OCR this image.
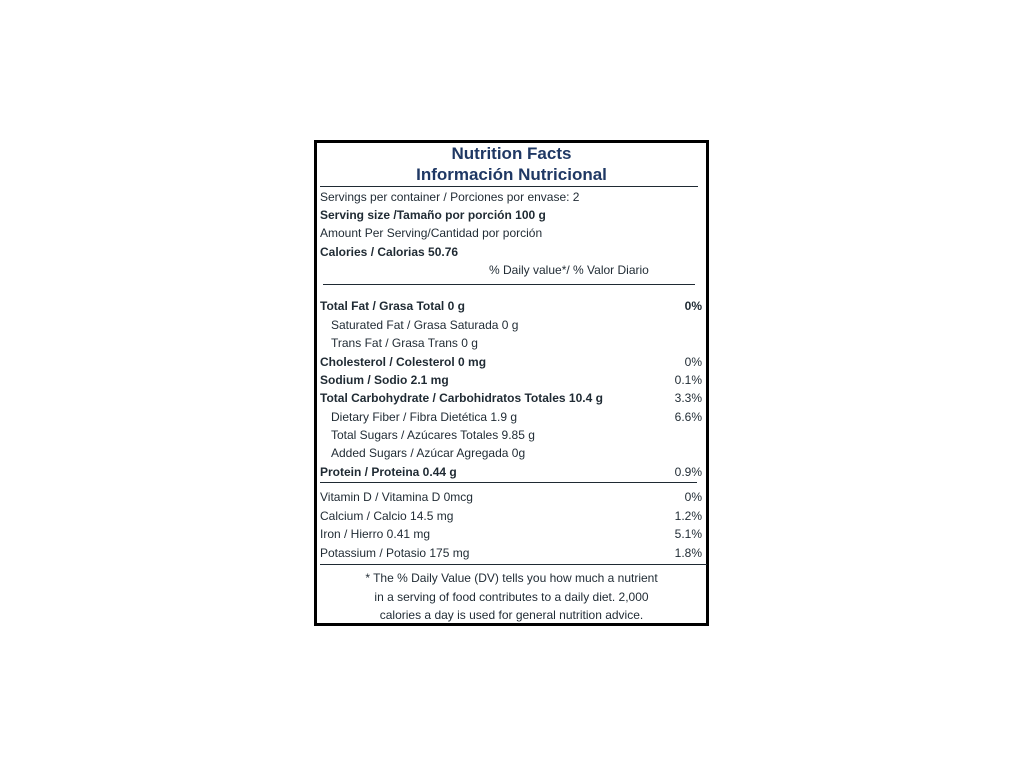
Nutrition Facts
Información Nutricional
Servings per container / Porciones por envase: 2
Serving size /Tamaño por porción 100 g
Amount Per Serving/Cantidad por porción
Calories / Calorias 50.76
% Daily value*/ % Valor Diario
Total Fat / Grasa Total 0 g	0%
Saturated Fat / Grasa Saturada 0 g
Trans Fat / Grasa Trans 0 g
Cholesterol / Colesterol 0 mg	0%
Sodium / Sodio 2.1 mg	0.1%
Total Carbohydrate / Carbohidratos Totales 10.4 g	3.3%
Dietary Fiber / Fibra Dietética 1.9 g	6.6%
Total Sugars / Azúcares Totales 9.85 g
Added Sugars / Azúcar Agregada 0g
Protein / Proteina 0.44 g	0.9%
Vitamin D / Vitamina D 0mcg	0%
Calcium / Calcio 14.5 mg	1.2%
Iron / Hierro 0.41 mg	5.1%
Potassium / Potasio 175 mg	1.8%
* The % Daily Value (DV) tells you how much a nutrient
in a serving of food contributes to a daily diet. 2,000
calories a day is used for general nutrition advice.
